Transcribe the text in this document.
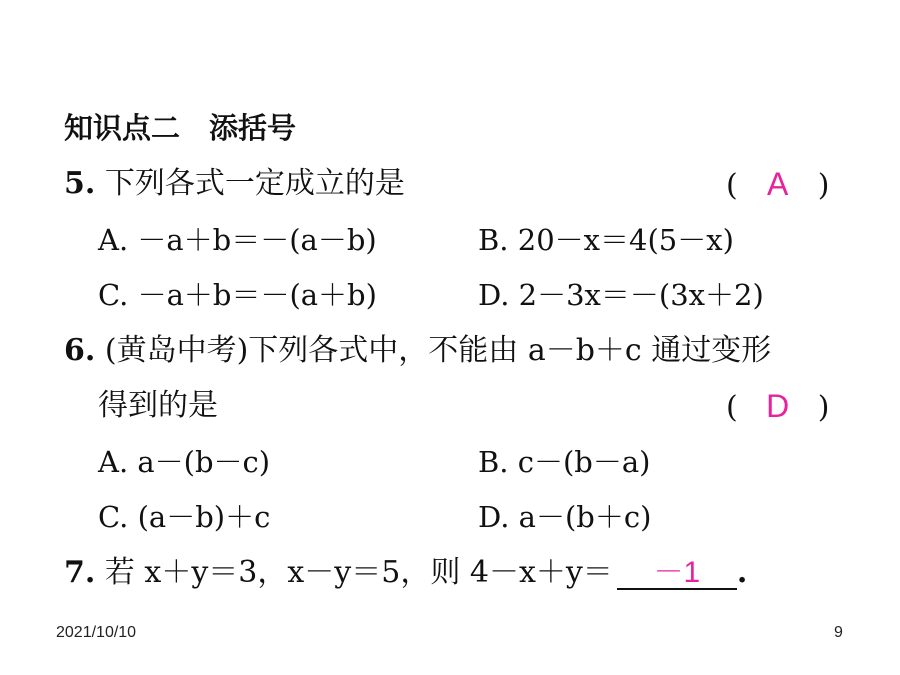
知识点二　添括号
5. 下列各式一定成立的是	( A )
A. －a＋b＝－(a－b)	B. 20－x＝4(5－x)
C. －a＋b＝－(a＋b)	D. 2－3x＝－(3x＋2)
6. (黄岛中考)下列各式中，不能由 a－b＋c 通过变形
得到的是	( D )
A. a－(b－c)	B. c－(b－a)
C. (a－b)＋c	D. a－(b＋c)
7. 若 x＋y＝3，x－y＝5，则 4－x＋y＝ －1 .
2021/10/10	9
